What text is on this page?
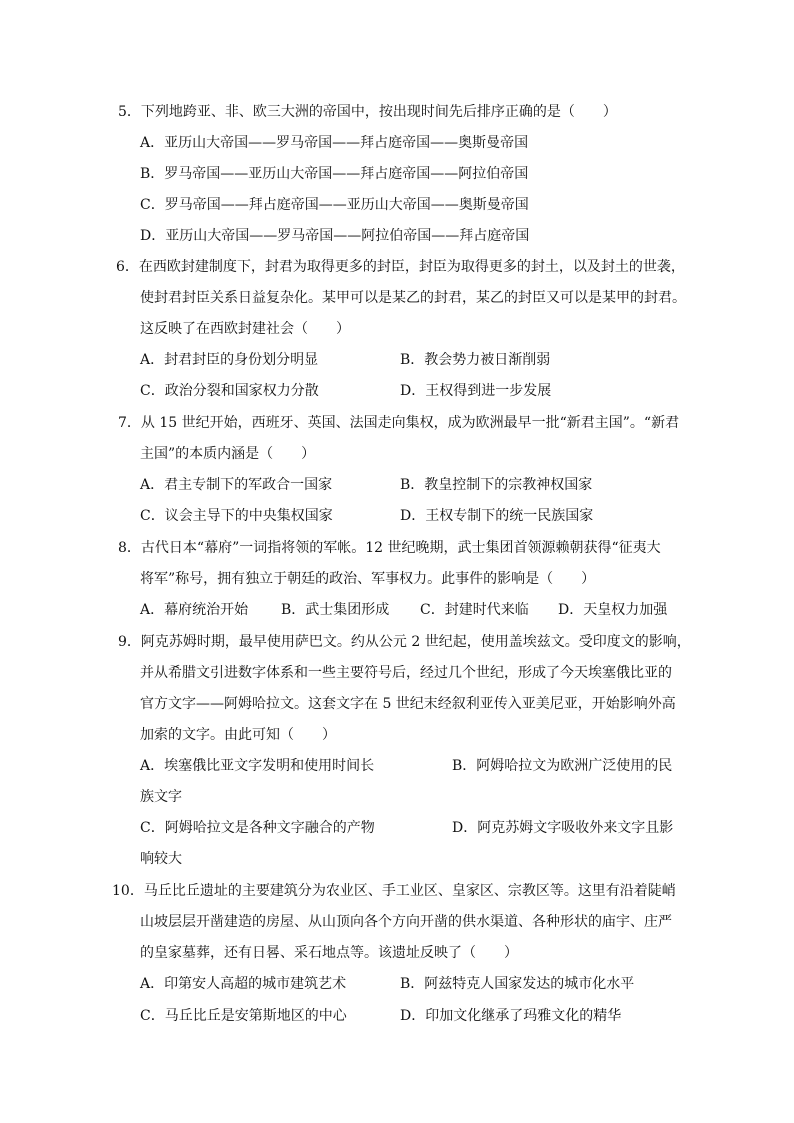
5．下列地跨亚、非、欧三大洲的帝国中，按出现时间先后排序正确的是（　　）
A．亚历山大帝国——罗马帝国——拜占庭帝国——奥斯曼帝国
B．罗马帝国——亚历山大帝国——拜占庭帝国——阿拉伯帝国
C．罗马帝国——拜占庭帝国——亚历山大帝国——奥斯曼帝国
D．亚历山大帝国——罗马帝国——阿拉伯帝国——拜占庭帝国
6．在西欧封建制度下，封君为取得更多的封臣，封臣为取得更多的封土，以及封土的世袭，
使封君封臣关系日益复杂化。某甲可以是某乙的封君，某乙的封臣又可以是某甲的封君。
这反映了在西欧封建社会（　　）
A．封君封臣的身份划分明显	B．教会势力被日渐削弱
C．政治分裂和国家权力分散	D．王权得到进一步发展
7．从 15 世纪开始，西班牙、英国、法国走向集权，成为欧洲最早一批“新君主国”。“新君
主国”的本质内涵是（　　）
A．君主专制下的军政合一国家	B．教皇控制下的宗教神权国家
C．议会主导下的中央集权国家	D．王权专制下的统一民族国家
8．古代日本“幕府”一词指将领的军帐。12 世纪晚期，武士集团首领源赖朝获得“征夷大
将军”称号，拥有独立于朝廷的政治、军事权力。此事件的影响是（　　）
A．幕府统治开始 B．武士集团形成 C．封建时代来临 D．天皇权力加强
9．阿克苏姆时期，最早使用萨巴文。约从公元 2 世纪起，使用盖埃兹文。受印度文的影响，
并从希腊文引进数字体系和一些主要符号后，经过几个世纪，形成了今天埃塞俄比亚的
官方文字——阿姆哈拉文。这套文字在 5 世纪末经叙利亚传入亚美尼亚，开始影响外高
加索的文字。由此可知（　　）
A．埃塞俄比亚文字发明和使用时间长	B．阿姆哈拉文为欧洲广泛使用的民
族文字
C．阿姆哈拉文是各种文字融合的产物	D．阿克苏姆文字吸收外来文字且影
响较大
10．马丘比丘遗址的主要建筑分为农业区、手工业区、皇家区、宗教区等。这里有沿着陡峭
山坡层层开凿建造的房屋、从山顶向各个方向开凿的供水渠道、各种形状的庙宇、庄严
的皇家墓葬，还有日晷、采石地点等。该遗址反映了（　　）
A．印第安人高超的城市建筑艺术	B．阿兹特克人国家发达的城市化水平
C．马丘比丘是安第斯地区的中心	D．印加文化继承了玛雅文化的精华
